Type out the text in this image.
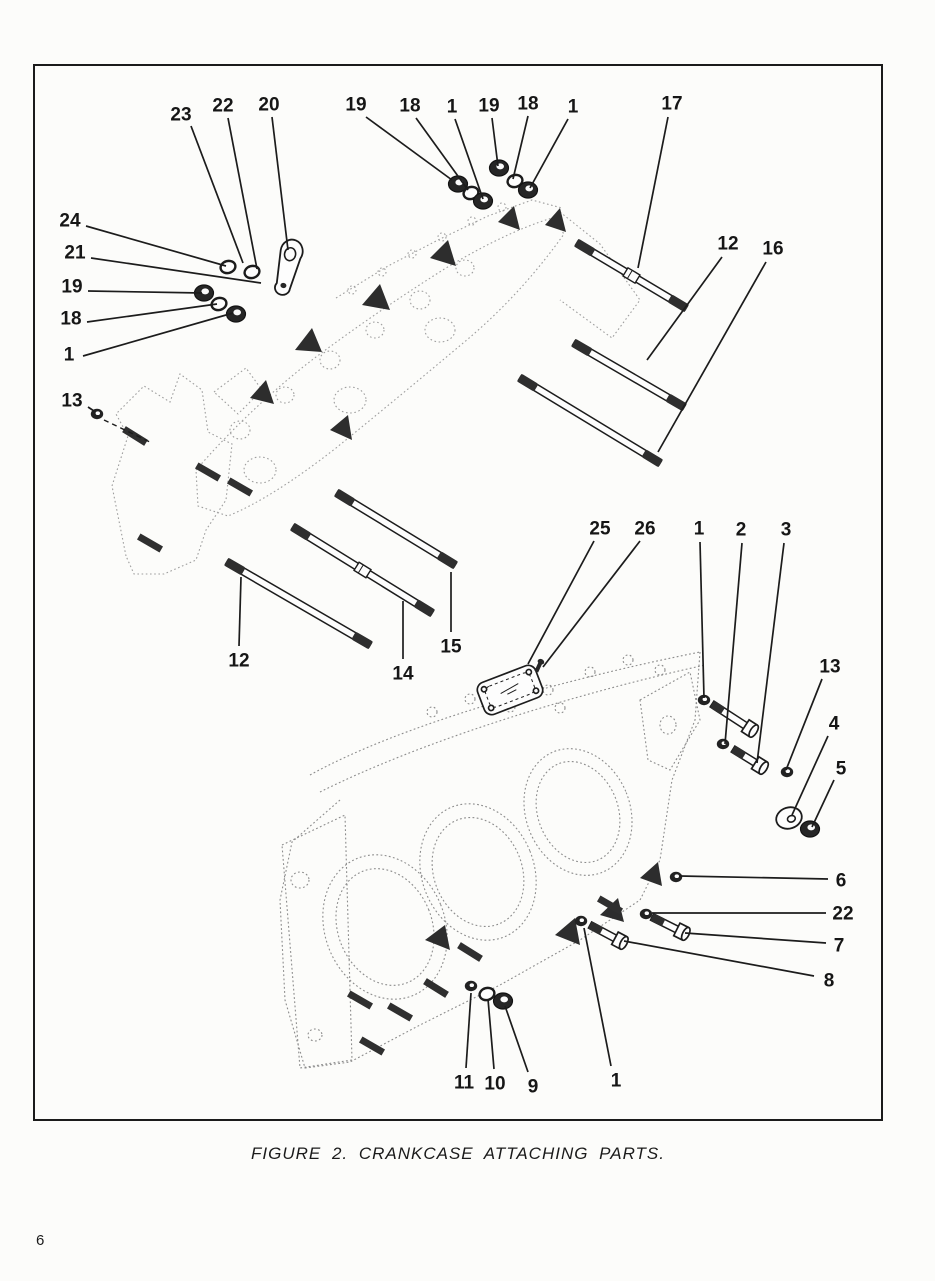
23 22 20	19 18 1 19 18 1	17
12 16
24
21
19
18
1
13
12
14
15
25 26 1 2 3
13
4
5
6
22
7
8
11 10 9	1
FIGURE 2. CRANKCASE ATTACHING PARTS.
6
